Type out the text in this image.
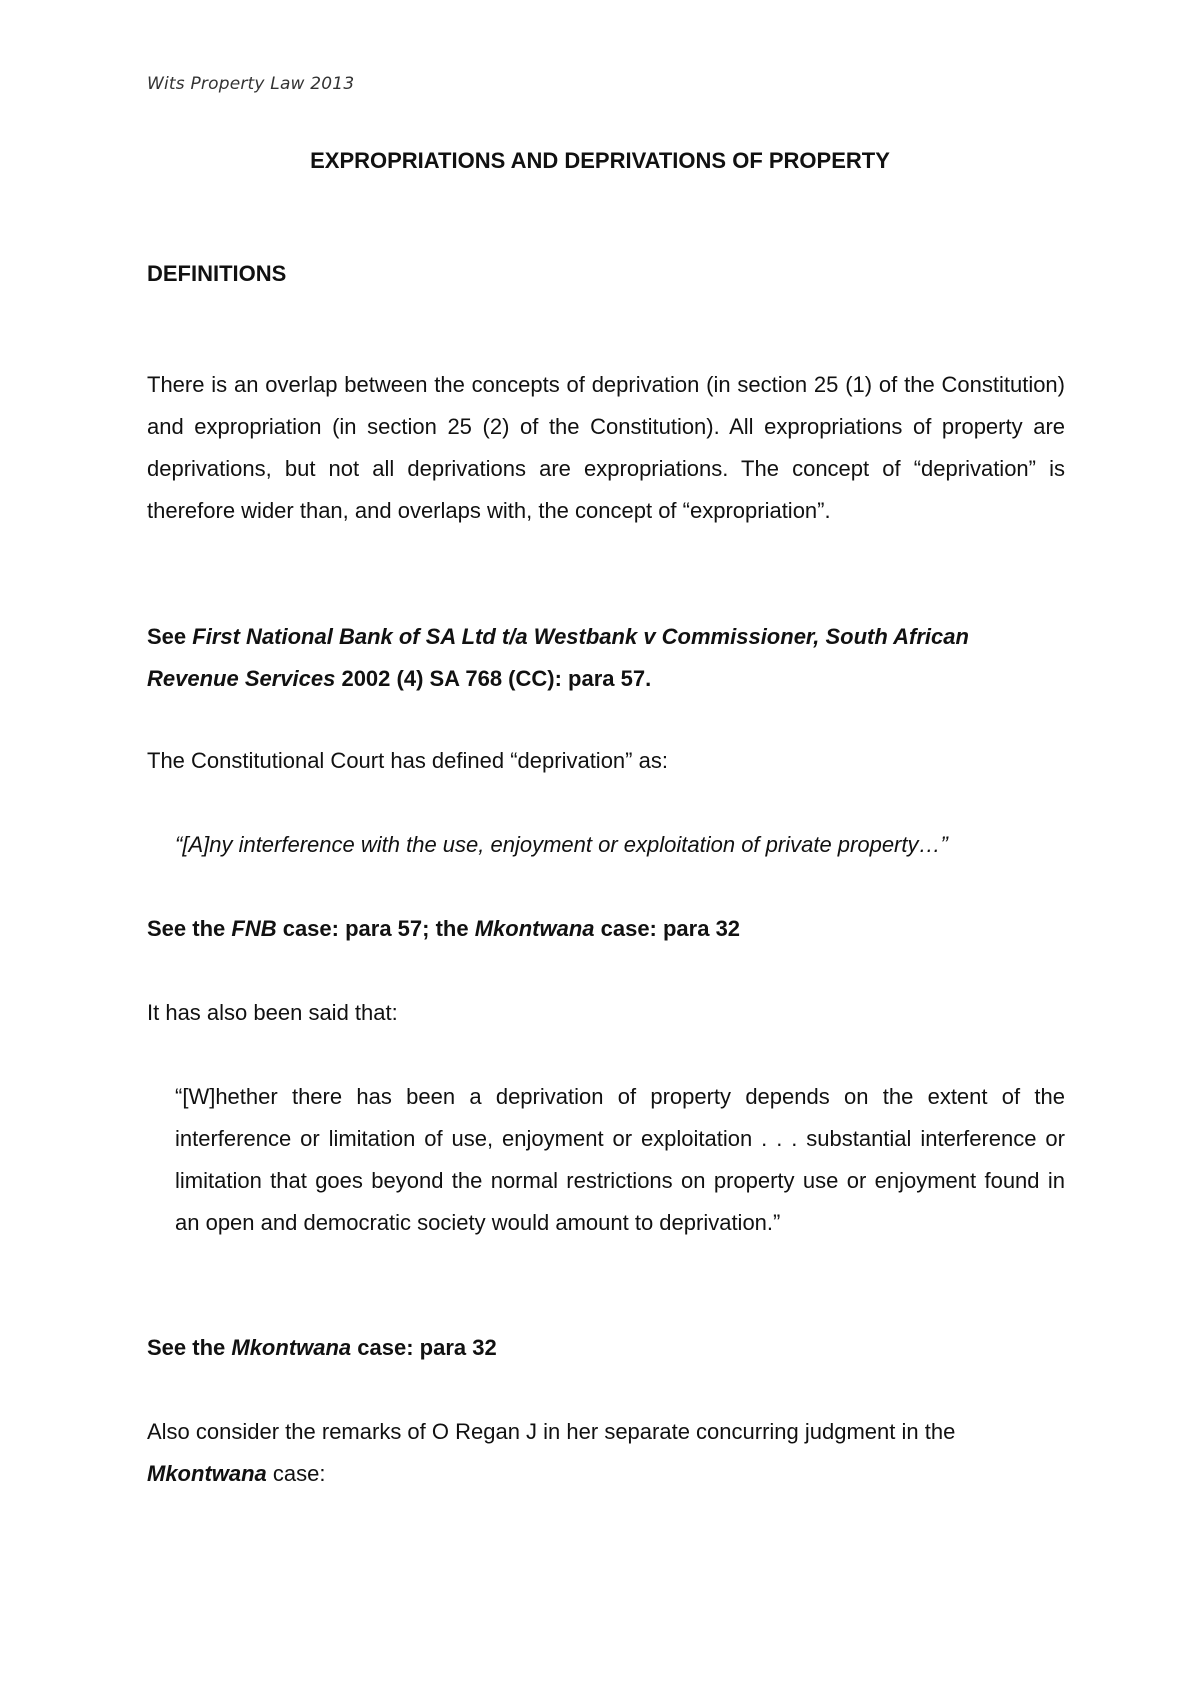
Wits Property Law 2013
EXPROPRIATIONS AND DEPRIVATIONS OF PROPERTY
DEFINITIONS

There is an overlap between the concepts of deprivation (in section 25 (1) of the Constitution) and expropriation (in section 25 (2) of the Constitution). All expropriations of property are deprivations, but not all deprivations are expropriations. The concept of “deprivation” is therefore wider than, and overlaps with, the concept of “expropriation”.

See First National Bank of SA Ltd t/a Westbank v Commissioner, South African Revenue Services 2002 (4) SA 768 (CC): para 57.

The Constitutional Court has defined “deprivation” as:

“[A]ny interference with the use, enjoyment or exploitation of private property…”

See the FNB case: para 57; the Mkontwana case: para 32

It has also been said that:

“[W]hether there has been a deprivation of property depends on the extent of the interference or limitation of use, enjoyment or exploitation . . . substantial interference or limitation that goes beyond the normal restrictions on property use or enjoyment found in an open and democratic society would amount to deprivation.”

See the Mkontwana case: para 32

Also consider the remarks of O Regan J in her separate concurring judgment in the Mkontwana case:
